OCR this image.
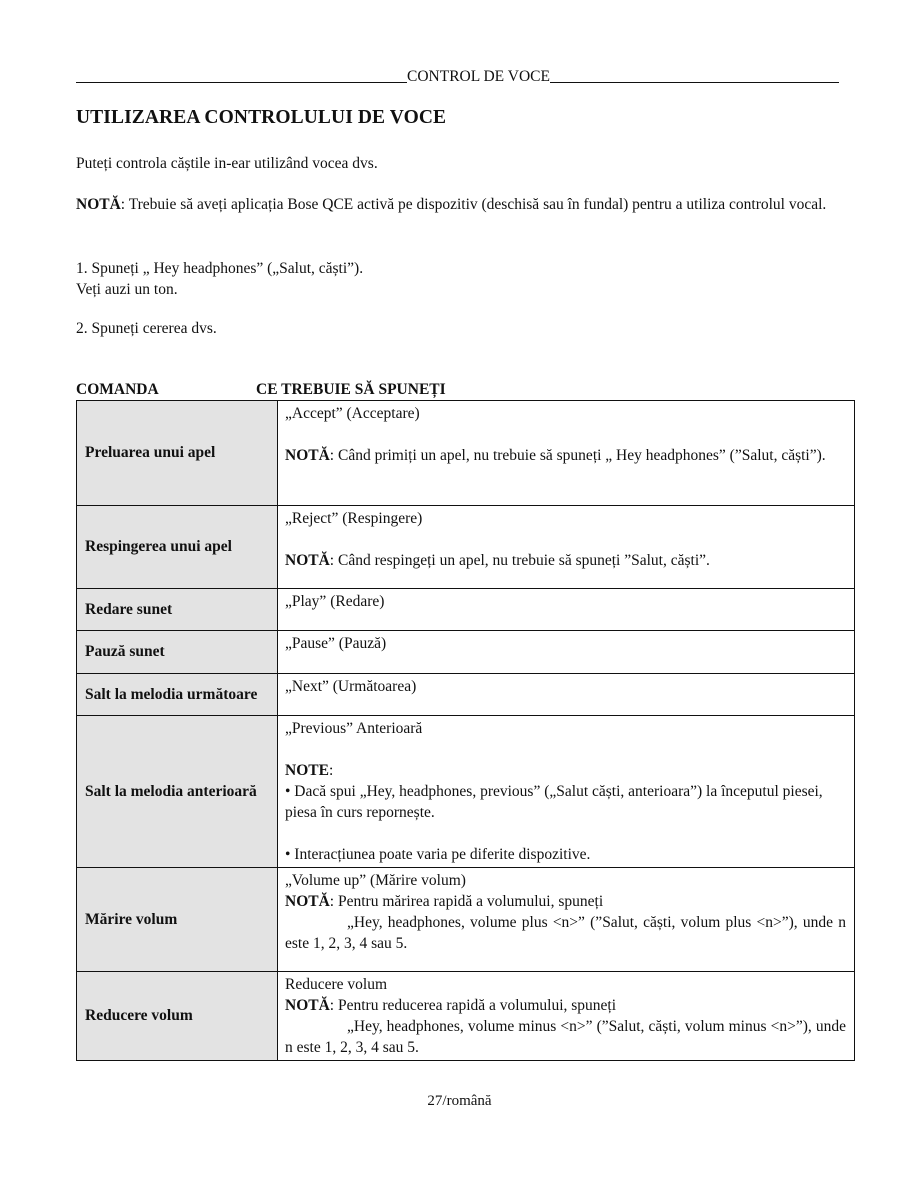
CONTROL DE VOCE
UTILIZAREA CONTROLULUI DE VOCE

Puteți controla căștile in-ear utilizând vocea dvs.

NOTĂ: Trebuie să aveți aplicația Bose QCE activă pe dispozitiv (deschisă sau în fundal) pentru a utiliza controlul vocal.

1. Spuneți „ Hey headphones” („Salut, căști”).
Veți auzi un ton.
2. Spuneți cererea dvs.
COMANDA	CE TREBUIE SĂ SPUNEȚI
Preluarea unui apel	„Accept” (Acceptare)

NOTĂ: Când primiți un apel, nu trebuie să spuneți „ Hey headphones” (”Salut, căști”).

Respingerea unui apel	„Reject” (Respingere)

NOTĂ: Când respingeți un apel, nu trebuie să spuneți ”Salut, căști”.

Redare sunet	„Play” (Redare)

Pauză sunet	„Pause” (Pauză)

Salt la melodia următoare	„Next” (Următoarea)

Salt la melodia anterioară	„Previous” Anterioară

NOTE:

• Dacă spui „Hey, headphones, previous” („Salut căști, anterioara”) la începutul piesei, piesa în curs repornește.

• Interacțiunea poate varia pe diferite dispozitive.

Mărire volum	„Volume up” (Mărire volum)

NOTĂ: Pentru mărirea rapidă a volumului, spuneți

„Hey, headphones, volume plus <n>” (”Salut, căști, volum plus <n>”), unde n este 1, 2, 3, 4 sau 5.

Reducere volum	Reducere volum

NOTĂ: Pentru reducerea rapidă a volumului, spuneți

„Hey, headphones, volume minus <n>” (”Salut, căști, volum minus <n>”), unde n este 1, 2, 3, 4 sau 5.

27/română
